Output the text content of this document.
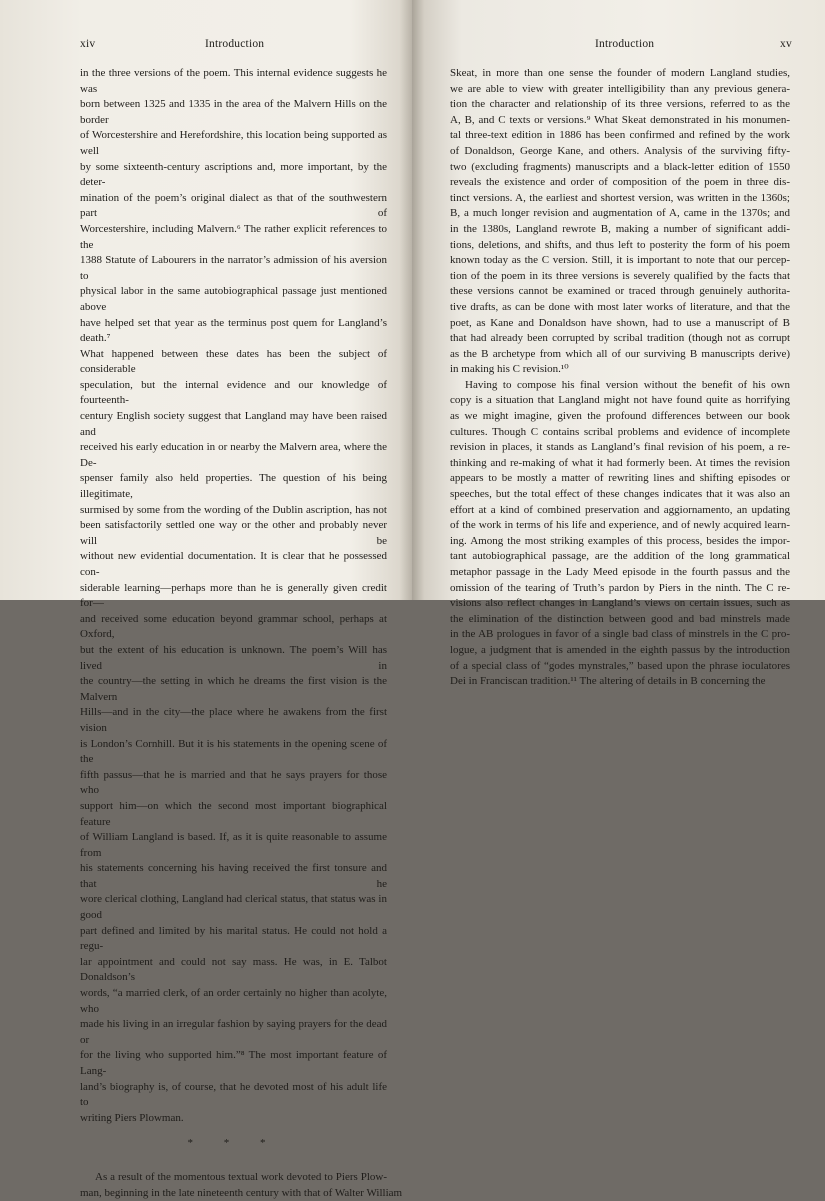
xiv	Introduction
in the three versions of the poem. This internal evidence suggests he was
born between 1325 and 1335 in the area of the Malvern Hills on the border
of Worcestershire and Herefordshire, this location being supported as well
by some sixteenth-century ascriptions and, more important, by the deter-
mination of the poem’s original dialect as that of the southwestern part of
Worcestershire, including Malvern.⁶ The rather explicit references to the
1388 Statute of Labourers in the narrator’s admission of his aversion to
physical labor in the same autobiographical passage just mentioned above
have helped set that year as the terminus post quem for Langland’s death.⁷
What happened between these dates has been the subject of considerable
speculation, but the internal evidence and our knowledge of fourteenth-
century English society suggest that Langland may have been raised and
received his early education in or nearby the Malvern area, where the De-
spenser family also held properties. The question of his being illegitimate,
surmised by some from the wording of the Dublin ascription, has not
been satisfactorily settled one way or the other and probably never will be
without new evidential documentation. It is clear that he possessed con-
siderable learning—perhaps more than he is generally given credit for—
and received some education beyond grammar school, perhaps at Oxford,
but the extent of his education is unknown. The poem’s Will has lived in
the country—the setting in which he dreams the first vision is the Malvern
Hills—and in the city—the place where he awakens from the first vision
is London’s Cornhill. But it is his statements in the opening scene of the
fifth passus—that he is married and that he says prayers for those who
support him—on which the second most important biographical feature
of William Langland is based. If, as it is quite reasonable to assume from
his statements concerning his having received the first tonsure and that he
wore clerical clothing, Langland had clerical status, that status was in good
part defined and limited by his marital status. He could not hold a regu-
lar appointment and could not say mass. He was, in E. Talbot Donaldson’s
words, “a married clerk, of an order certainly no higher than acolyte, who
made his living in an irregular fashion by saying prayers for the dead or
for the living who supported him.”⁸ The most important feature of Lang-
land’s biography is, of course, that he devoted most of his adult life to
writing Piers Plowman.
* * *
As a result of the momentous textual work devoted to Piers Plow-
man, beginning in the late nineteenth century with that of Walter William
Introduction	xv
Skeat, in more than one sense the founder of modern Langland studies,
we are able to view with greater intelligibility than any previous genera-
tion the character and relationship of its three versions, referred to as the
A, B, and C texts or versions.⁹ What Skeat demonstrated in his monumen-
tal three-text edition in 1886 has been confirmed and refined by the work
of Donaldson, George Kane, and others. Analysis of the surviving fifty-
two (excluding fragments) manuscripts and a black-letter edition of 1550
reveals the existence and order of composition of the poem in three dis-
tinct versions. A, the earliest and shortest version, was written in the 1360s;
B, a much longer revision and augmentation of A, came in the 1370s; and
in the 1380s, Langland rewrote B, making a number of significant addi-
tions, deletions, and shifts, and thus left to posterity the form of his poem
known today as the C version. Still, it is important to note that our percep-
tion of the poem in its three versions is severely qualified by the facts that
these versions cannot be examined or traced through genuinely authorita-
tive drafts, as can be done with most later works of literature, and that the
poet, as Kane and Donaldson have shown, had to use a manuscript of B
that had already been corrupted by scribal tradition (though not as corrupt
as the B archetype from which all of our surviving B manuscripts derive)
in making his C revision.¹⁰
Having to compose his final version without the benefit of his own
copy is a situation that Langland might not have found quite as horrifying
as we might imagine, given the profound differences between our book
cultures. Though C contains scribal problems and evidence of incomplete
revision in places, it stands as Langland’s final revision of his poem, a re-
thinking and re-making of what it had formerly been. At times the revision
appears to be mostly a matter of rewriting lines and shifting episodes or
speeches, but the total effect of these changes indicates that it was also an
effort at a kind of combined preservation and aggiornamento, an updating
of the work in terms of his life and experience, and of newly acquired learn-
ing. Among the most striking examples of this process, besides the impor-
tant autobiographical passage, are the addition of the long grammatical
metaphor passage in the Lady Meed episode in the fourth passus and the
omission of the tearing of Truth’s pardon by Piers in the ninth. The C re-
visions also reflect changes in Langland’s views on certain issues, such as
the elimination of the distinction between good and bad minstrels made
in the AB prologues in favor of a single bad class of minstrels in the C pro-
logue, a judgment that is amended in the eighth passus by the introduction
of a special class of “godes mynstrales,” based upon the phrase ioculatores
Dei in Franciscan tradition.¹¹ The altering of details in B concerning the
